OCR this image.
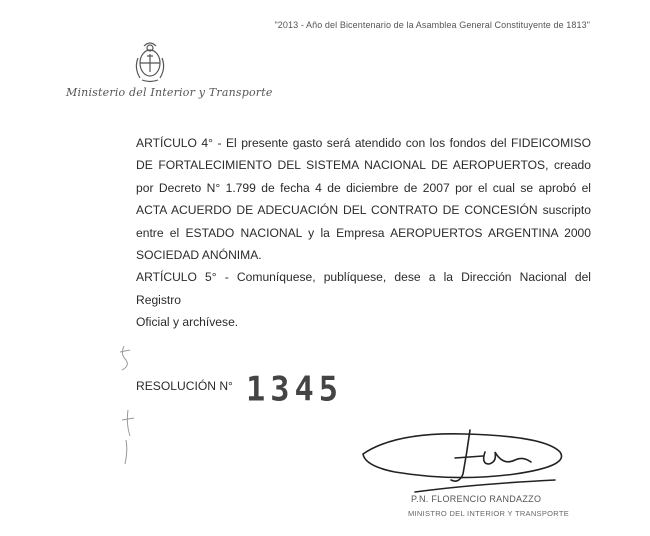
"2013 - Año del Bicentenario de la Asamblea General Constituyente de 1813"
Ministerio del Interior y Transporte
ARTÍCULO 4° - El presente gasto será atendido con los fondos del FIDEICOMISO
DE FORTALECIMIENTO DEL SISTEMA NACIONAL DE AEROPUERTOS, creado
por Decreto N° 1.799 de fecha 4 de diciembre de 2007 por el cual se aprobó el
ACTA ACUERDO DE ADECUACIÓN DEL CONTRATO DE CONCESIÓN suscripto
entre el ESTADO NACIONAL y la Empresa AEROPUERTOS ARGENTINA 2000
SOCIEDAD ANÓNIMA.
ARTÍCULO 5° - Comuníquese, publíquese, dese a la Dirección Nacional del Registro
Oficial y archívese.
RESOLUCIÓN N° 1345
P.N. FLORENCIO RANDAZZO
MINISTRO DEL INTERIOR Y TRANSPORTE
